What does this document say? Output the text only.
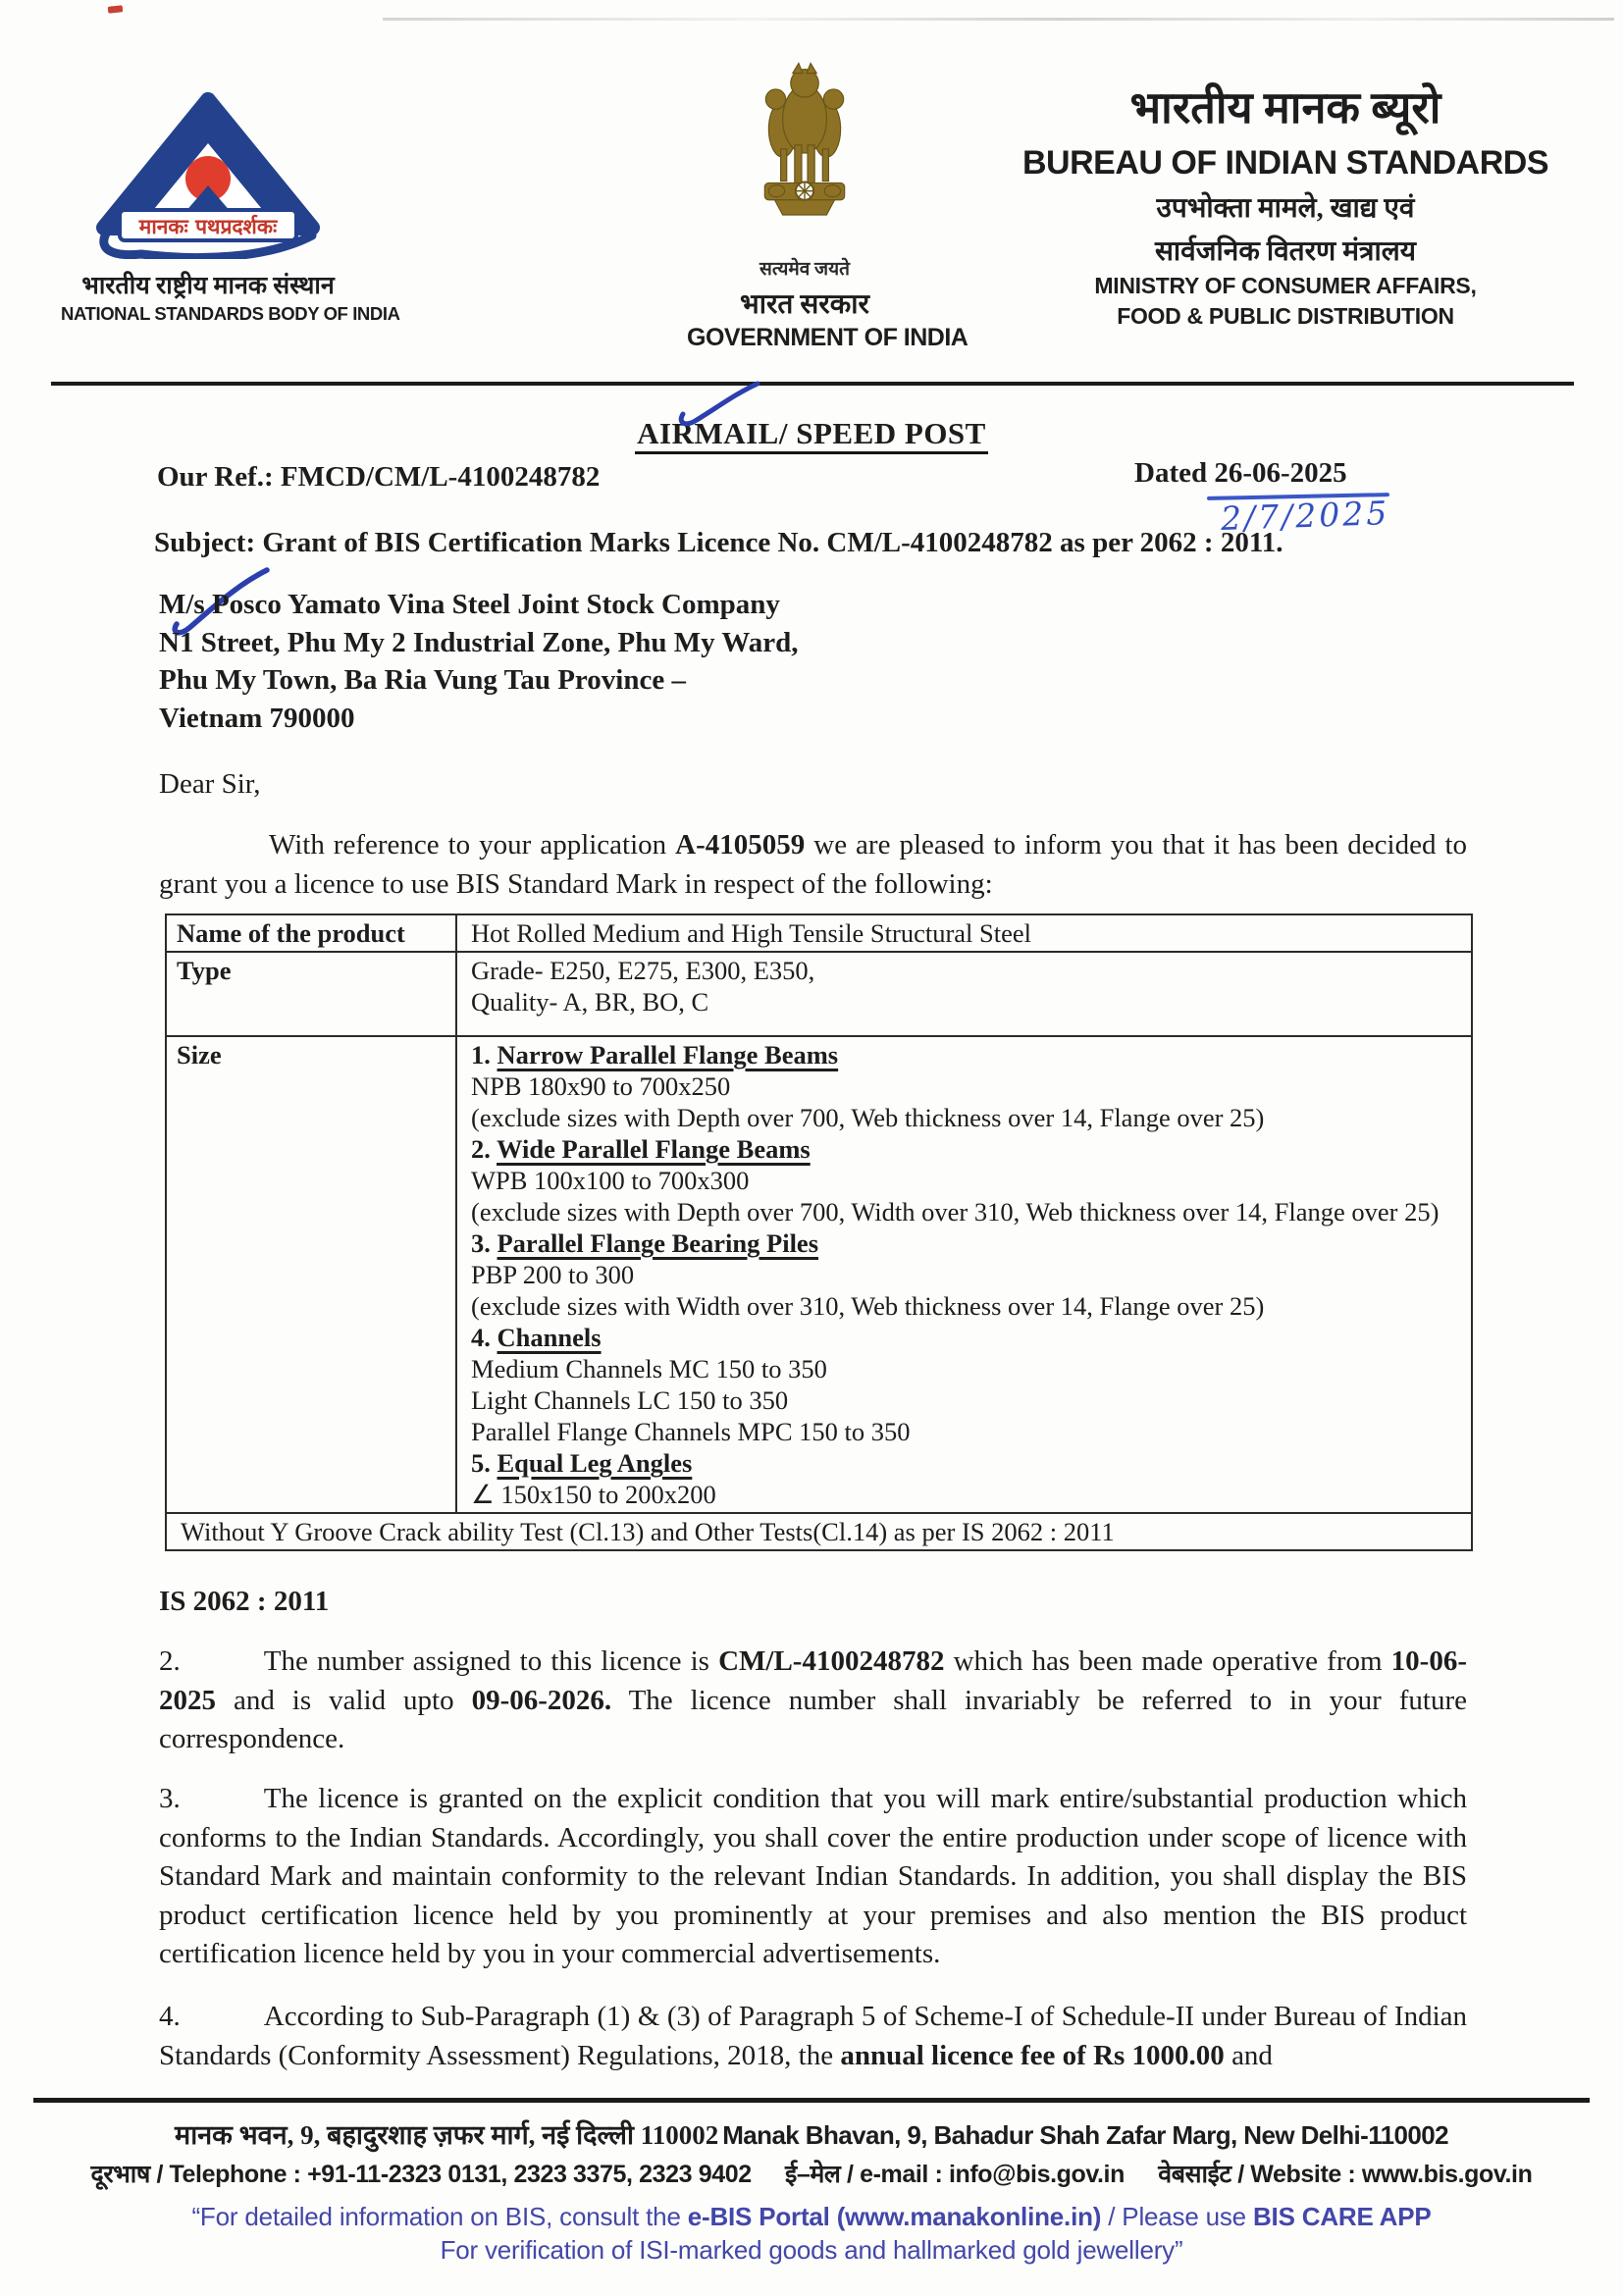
मानकः पथप्रदर्शकः
भारतीय राष्ट्रीय मानक संस्थान
NATIONAL STANDARDS BODY OF INDIA
सत्यमेव जयते
भारत सरकार
GOVERNMENT OF INDIA
भारतीय मानक ब्यूरो
BUREAU OF INDIAN STANDARDS
उपभोक्ता मामले, खाद्य एवं
सार्वजनिक वितरण मंत्रालय
MINISTRY OF CONSUMER AFFAIRS,
FOOD & PUBLIC DISTRIBUTION
AIRMAIL/ SPEED POST
Our Ref.: FMCD/CM/L-4100248782	Dated 26-06-2025
2/7/2025
Subject: Grant of BIS Certification Marks Licence No. CM/L-4100248782 as per 2062 : 2011.
M/s Posco Yamato Vina Steel Joint Stock Company
N1 Street, Phu My 2 Industrial Zone, Phu My Ward,
Phu My Town, Ba Ria Vung Tau Province –
Vietnam 790000
Dear Sir,
With reference to your application A-4105059 we are pleased to inform you that it has been decided to grant you a licence to use BIS Standard Mark in respect of the following:
Name of the product	Hot Rolled Medium and High Tensile Structural Steel
Type	Grade- E250, E275, E300, E350,
Quality- A, BR, BO, C
Size	1. Narrow Parallel Flange Beams
NPB 180x90 to 700x250
(exclude sizes with Depth over 700, Web thickness over 14, Flange over 25)
2. Wide Parallel Flange Beams
WPB 100x100 to 700x300
(exclude sizes with Depth over 700, Width over 310, Web thickness over 14, Flange over 25)
3. Parallel Flange Bearing Piles
PBP 200 to 300
(exclude sizes with Width over 310, Web thickness over 14, Flange over 25)
4. Channels
Medium Channels MC 150 to 350
Light Channels LC 150 to 350
Parallel Flange Channels MPC 150 to 350
5. Equal Leg Angles
∠ 150x150 to 200x200
Without Y Groove Crack ability Test (Cl.13) and Other Tests(Cl.14) as per IS 2062 : 2011
IS 2062 : 2011
2.	The number assigned to this licence is CM/L-4100248782 which has been made operative from 10-06-2025 and is valid upto 09-06-2026. The licence number shall invariably be referred to in your future correspondence.
3.	The licence is granted on the explicit condition that you will mark entire/substantial production which conforms to the Indian Standards. Accordingly, you shall cover the entire production under scope of licence with Standard Mark and maintain conformity to the relevant Indian Standards. In addition, you shall display the BIS product certification licence held by you prominently at your premises and also mention the BIS product certification licence held by you in your commercial advertisements.
4.	According to Sub-Paragraph (1) & (3) of Paragraph 5 of Scheme-I of Schedule-II under Bureau of Indian Standards (Conformity Assessment) Regulations, 2018, the annual licence fee of Rs 1000.00 and
मानक भवन, 9, बहादुरशाह ज़फर मार्ग, नई दिल्ली 110002 Manak Bhavan, 9, Bahadur Shah Zafar Marg, New Delhi-110002
दूरभाष / Telephone : +91-11-2323 0131, 2323 3375, 2323 9402 ई–मेल / e-mail : info@bis.gov.in वेबसाईट / Website : www.bis.gov.in
“For detailed information on BIS, consult the e-BIS Portal (www.manakonline.in) / Please use BIS CARE APP
For verification of ISI-marked goods and hallmarked gold jewellery”
